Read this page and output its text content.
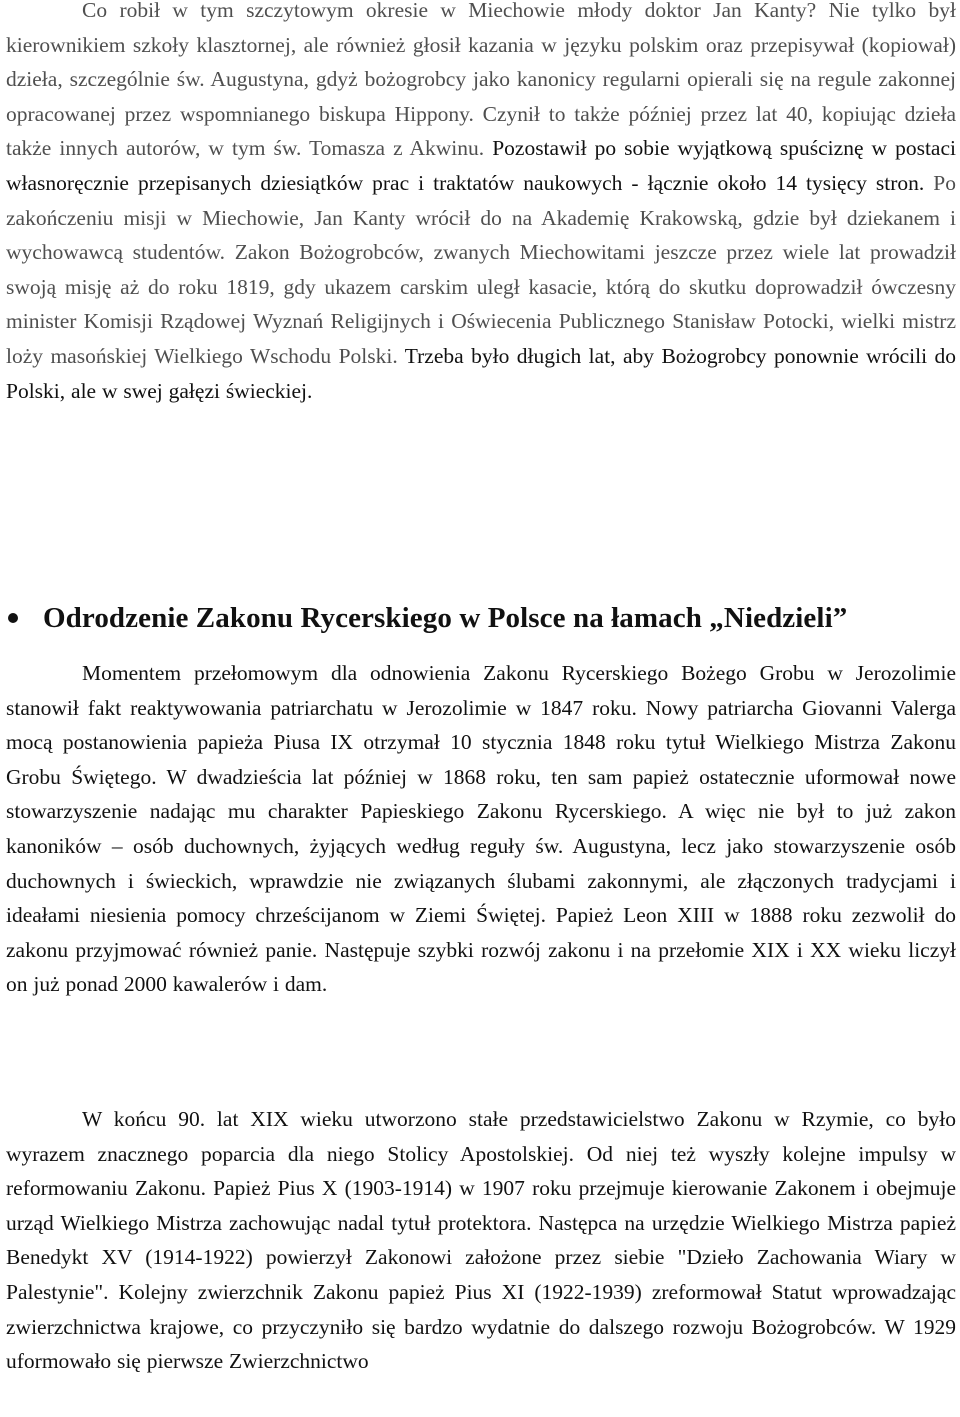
Co robił w tym szczytowym okresie w Miechowie młody doktor Jan Kanty? Nie tylko był kierownikiem szkoły klasztornej, ale również głosił kazania w języku polskim oraz przepisywał (kopiował) dzieła, szczególnie św. Augustyna, gdyż bożogrobcy jako kanonicy regularni opierali się na regule zakonnej opracowanej przez wspomnianego biskupa Hippony. Czynił to także później przez lat 40, kopiując dzieła także innych autorów, w tym św. Tomasza z Akwinu. Pozostawił po sobie wyjątkową spuściznę w postaci własnoręcznie przepisanych dziesiątków prac i traktatów naukowych - łącznie około 14 tysięcy stron. Po zakończeniu misji w Miechowie, Jan Kanty wrócił do na Akademię Krakowską, gdzie był dziekanem i wychowawcą studentów. Zakon Bożogrobców, zwanych Miechowitami jeszcze przez wiele lat prowadził swoją misję aż do roku 1819, gdy ukazem carskim uległ kasacie, którą do skutku doprowadził ówczesny minister Komisji Rządowej Wyznań Religijnych i Oświecenia Publicznego Stanisław Potocki, wielki mistrz loży masońskiej Wielkiego Wschodu Polski. Trzeba było długich lat, aby Bożogrobcy ponownie wrócili do Polski, ale w swej gałęzi świeckiej.

Odrodzenie Zakonu Rycerskiego w Polsce na łamach „Niedzieli”

Momentem przełomowym dla odnowienia Zakonu Rycerskiego Bożego Grobu w Jerozolimie stanowił fakt reaktywowania patriarchatu w Jerozolimie w 1847 roku. Nowy patriarcha Giovanni Valerga mocą postanowienia papieża Piusa IX otrzymał 10 stycznia 1848 roku tytuł Wielkiego Mistrza Zakonu Grobu Świętego. W dwadzieścia lat później w 1868 roku, ten sam papież ostatecznie uformował nowe stowarzyszenie nadając mu charakter Papieskiego Zakonu Rycerskiego. A więc nie był to już zakon kanoników – osób duchownych, żyjących według reguły św. Augustyna, lecz jako stowarzyszenie osób duchownych i świeckich, wprawdzie nie związanych ślubami zakonnymi, ale złączonych tradycjami i ideałami niesienia pomocy chrześcijanom w Ziemi Świętej. Papież Leon XIII w 1888 roku zezwolił do zakonu przyjmować również panie. Następuje szybki rozwój zakonu i na przełomie XIX i XX wieku liczył on już ponad 2000 kawalerów i dam.

W końcu 90. lat XIX wieku utworzono stałe przedstawicielstwo Zakonu w Rzymie, co było wyrazem znacznego poparcia dla niego Stolicy Apostolskiej. Od niej też wyszły kolejne impulsy w reformowaniu Zakonu. Papież Pius X (1903-1914) w 1907 roku przejmuje kierowanie Zakonem i obejmuje urząd Wielkiego Mistrza zachowując nadal tytuł protektora. Następca na urzędzie Wielkiego Mistrza papież Benedykt XV (1914-1922) powierzył Zakonowi założone przez siebie "Dzieło Zachowania Wiary w Palestynie". Kolejny zwierzchnik Zakonu papież Pius XI (1922-1939) zreformował Statut wprowadzając zwierzchnictwa krajowe, co przyczyniło się bardzo wydatnie do dalszego rozwoju Bożogrobców. W 1929 uformowało się pierwsze Zwierzchnictwo
